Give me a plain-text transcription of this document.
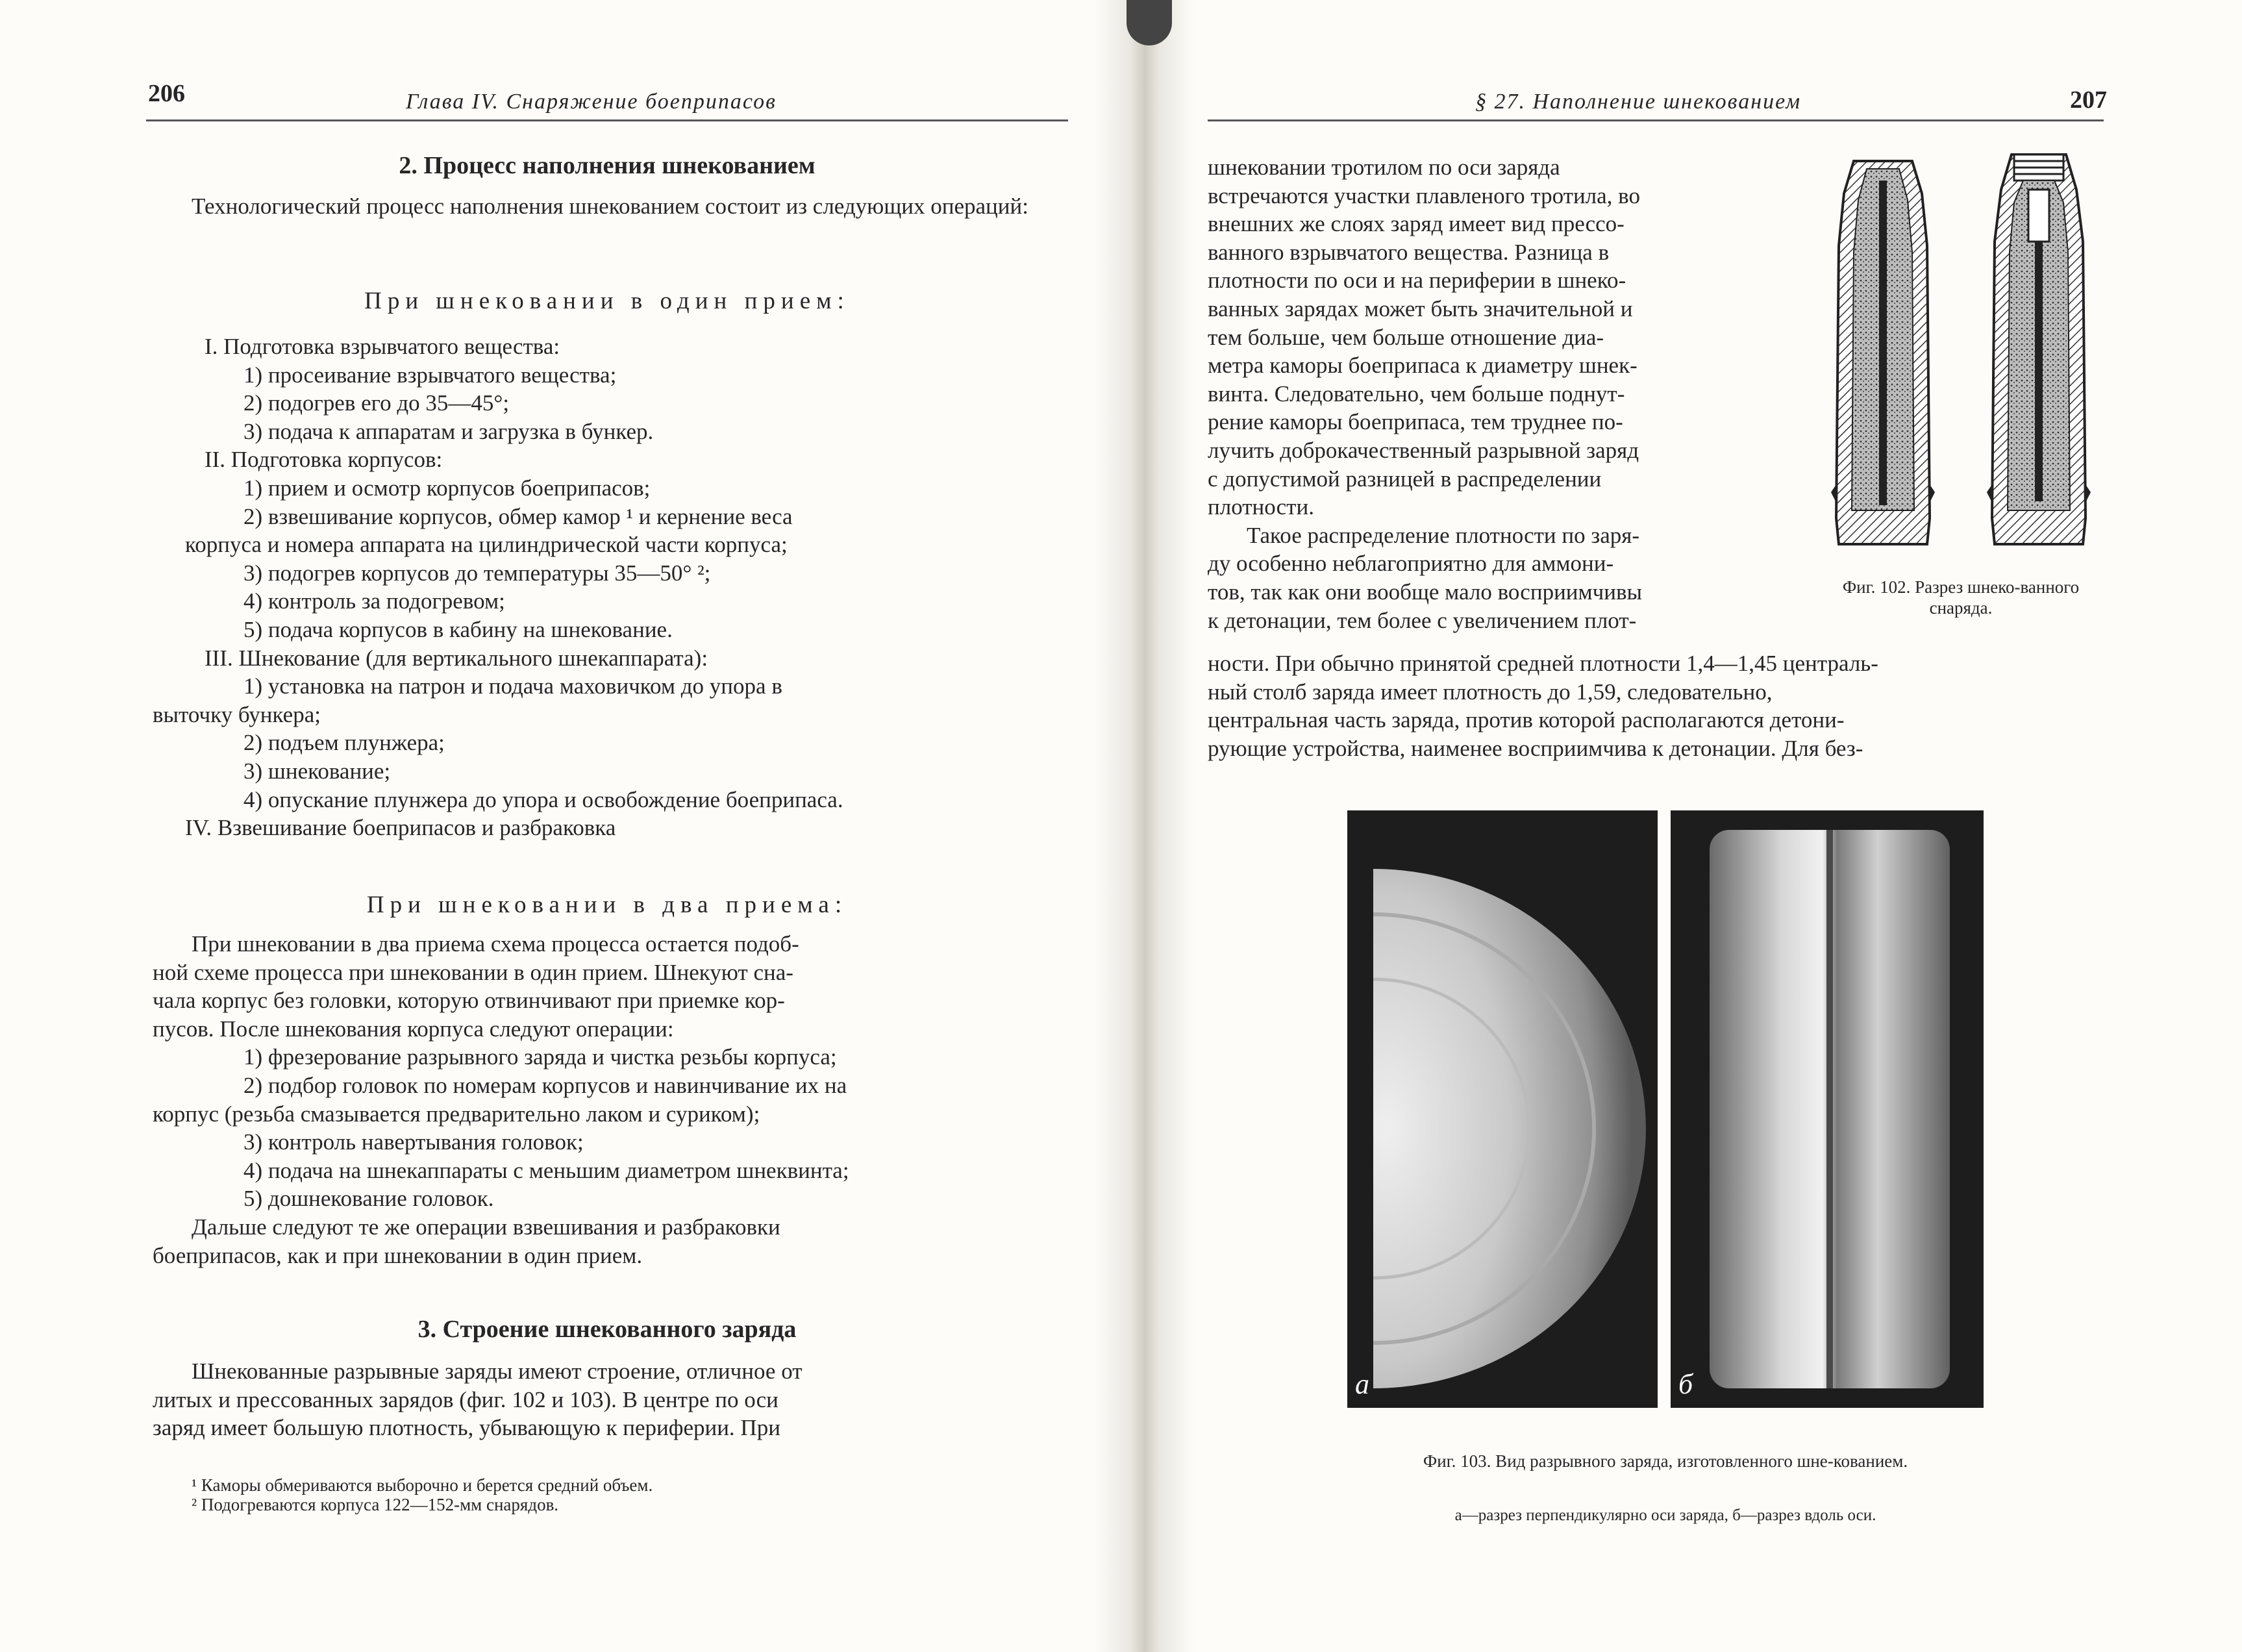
206	Глава IV. Снаряжение боеприпасов
2. Процесс наполнения шнекованием
Технологический процесс наполнения шнекованием состоит из следующих операций:
При шнековании в один прием:
I. Подготовка взрывчатого вещества:
1) просеивание взрывчатого вещества;
2) подогрев его до 35—45°;
3) подача к аппаратам и загрузка в бункер.
II. Подготовка корпусов:
1) прием и осмотр корпусов боеприпасов;
2) взвешивание корпусов, обмер камор ¹ и кернение веса
корпуса и номера аппарата на цилиндрической части корпуса;
3) подогрев корпусов до температуры 35—50° ²;
4) контроль за подогревом;
5) подача корпусов в кабину на шнекование.
III. Шнекование (для вертикального шнекаппарата):
1) установка на патрон и подача маховичком до упора в
выточку бункера;
2) подъем плунжера;
3) шнекование;
4) опускание плунжера до упора и освобождение боеприпаса.
IV. Взвешивание боеприпасов и разбраковка
При шнековании в два приема:
При шнековании в два приема схема процесса остается подоб-
ной схеме процесса при шнековании в один прием. Шнекуют сна-
чала корпус без головки, которую отвинчивают при приемке кор-
пусов. После шнекования корпуса следуют операции:
1) фрезерование разрывного заряда и чистка резьбы корпуса;
2) подбор головок по номерам корпусов и навинчивание их на
корпус (резьба смазывается предварительно лаком и суриком);
3) контроль навертывания головок;
4) подача на шнекаппараты с меньшим диаметром шнеквинта;
5) дошнекование головок.
Дальше следуют те же операции взвешивания и разбраковки
боеприпасов, как и при шнековании в один прием.
3. Строение шнекованного заряда
Шнекованные разрывные заряды имеют строение, отличное от
литых и прессованных зарядов (фиг. 102 и 103). В центре по оси
заряд имеет большую плотность, убывающую к периферии. При
¹ Каморы обмериваются выборочно и берется средний объем.
² Подогреваются корпуса 122—152-мм снарядов.
§ 27. Наполнение шнекованием	207
шнековании тротилом по оси заряда
встречаются участки плавленого тротила, во
внешних же слоях заряд имеет вид прессо-
ванного взрывчатого вещества. Разница в
плотности по оси и на периферии в шнеко-
ванных зарядах может быть значительной и
тем больше, чем больше отношение диа-
метра каморы боеприпаса к диаметру шнек-
винта. Следовательно, чем больше поднут-
рение каморы боеприпаса, тем труднее по-
лучить доброкачественный разрывной заряд
с допустимой разницей в распределении
плотности.
Такое распределение плотности по заря-
ду особенно неблагоприятно для аммони-
тов, так как они вообще мало восприимчивы
к детонации, тем более с увеличением плот-
ности. При обычно принятой средней плотности 1,4—1,45 централь-
ный столб заряда имеет плотность до 1,59, следовательно,
центральная часть заряда, против которой располагаются детони-
рующие устройства, наименее восприимчива к детонации. Для без-
Фиг. 102. Разрез шнеко-ванного снаряда.
а	б
Фиг. 103. Вид разрывного заряда, изготовленного шне-кованием.
а—разрез перпендикулярно оси заряда, б—разрез вдоль оси.
